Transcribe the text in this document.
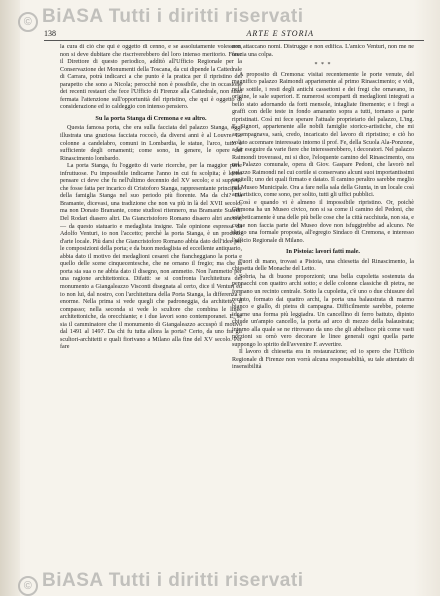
© BiASA Tutti i diritti riservati
138	ARTE E STORIA

la cura di ciò che qui è oggetto di cenno, e se assolutamente volessero, non si deve dubitare che riscriverebbero del loro intenso meritorio. Forse il Direttore di questo periodico, additò all'Ufficio Regionale per la Conservazione dei Monumenti della Toscana, da cui dipende la Cattedrale di Carrara, potrà indicarci a che punto è la pratica per il ripristino del parapetto che sono a Nicola; perocchè non è possibile, che in occasione dei recenti restauri che fece l'Ufficio di Firenze alla Cattedrale, non siasi fermata l'attenzione sull'opportunità del ripristino, che qui è oggetto di considerazione ed io caldeggio con intenso pensiero.

Su la porta Stanga di Cremona e su altro.

Questa famosa porta, che era sulla facciata del palazzo Stanga, oggi illustrata una graziosa facciata rococò, da diversi anni è al Louvre. Le colonne a candelabro, comuni in Lombardia, le statue, l'arco, tutto è sufficiente degli ornamenti; come sono, in genere, le opere del Rinascimento lombardo.

La porta Stanga, fu l'oggetto di varie ricerche, per la maggior parte infruttuose. Fu impossibile indicarne l'anno in cui fu scolpita; è lecito pensare ci deve che fu nell'ultimo decennio del XV secolo; e si suppose che fosse fatta per incarico di Cristoforo Stanga, rappresentante principale della famiglia Stanga nel suo periodo più fiorente. Ma da chi? Da Bramante, dicevasi, una tradizione che non va più in là del XVII secolo; ma non Donato Bramante, come studiosi ritennero, ma Bramante Suardi. Del Rodari diasero altri. Da Giancristoforo Romano disaero altri ancora; — da questo statuario e medaglista insigne. Tale opinione espressa da Adolfo Venturi, io non l'accetto; perchè la porta Stanga, è un prodotto d'arte locale. Più darsi che Giancristoforo Romano abbia dato dell'idee per le composizioni della porta; e da buon medaglista ed eccellente antiquario, abbia dato il motivo dei medaglioni cesarei che fiancheggiano la porta e quello delle scene cinquecentesche, che ne ornano il fregio; ma che la porta sia sua o ne abbia dato il disegno, non ammetto. Non l'ammetto per una ragione architettonica. Difatti: se si confronta l'architettura del monumento a Giangaleazzo Visconti disegnata al certo, dice il Venturi ed io non lui, dal nostro, con l'architettura della Porta Stanga, la differenza è enorme. Nella prima si vede quegli che padroneggia, da architetto, il compasso; nella seconda si vede lo scultore che combina le linee architettoniche, da orecchiante; e i due lavori sono contemporanei. E, se sia il camminatore che il monumento di Giangaleazzo accuspò il motivo dal 1491 al 1497. Da chi fu tutta allora la porta? Certo, da uno fra gli scultori-architetti e quali fiorivano a Milano alla fine del XV secolo. Per fare

non attaccano nomi. Distrugge e non edifica. L'amico Venturi, non me ne faccia una colpa.

* * *

A proposito di Cremona: visitai recentemente le porte venute, del magnifico palazzo Raimondi appartenente al primo Rinascimento; e vidi, nelle sottile, i resti degli antichi cassettoni e dei fregi che ornavano, in origine, le sale superiori. E numerosi scomparti di medaglioni integrati a bello stato adornando da forti mensole, intagliate finemente; e i fregi a graffi con delle teste in fondo amaranto sopra a tutti, tornano a parte ripristinati. Così mi fece sperare l'attuale proprietario del palazzo, L'ing. E. Signori, appartenente alle nobili famiglie storico-artistiche, che mi accompagnava, sarà, credo, incaricato del lavoro di ripristino; e ciò ho voluto accennare interessato intorno il prof. Fe, della Scuola Ala-Ponzone, a far eseguire da varie fiere che interesserebbero, i decoratori. Nel palazzo Raimondi troverassi, mi si dice, l'eloquente camino del Rinascimento, ora nel Palazzo comunale, opera di Giov. Gaspare Pedoni, che lavorò nel palazzo Raimondi nel cui cortile si conservano alcuni suoi importantissimi capitelli; uno dei quali firmato e datato. Il camino peraltro sarebbe meglio nel Museo Municipale. Ora a fare nella sala della Giunta, in un locale così antiartistico, come sono, per solito, tutti gli uffici pubblici.

Così e quando vi è almeno il impossibile ripristino. Or, poichè Cremona ha un Museo civico, non si sa come il camino del Pedoni, che sciabeticamente è una delle più belle cose che la città racchiuda, non sia, e come non faccia parte del Museo dove non isfuggirebbe ad alcuno. Ne dirigo una formale proposta, all'egregio Sindaco di Cremona, e interesso l'ufficio Regionale di Milano.

In Pistoia: lavori fatti male.

Fuori di mano, trovasi a Pistoia, una chiesetta del Rinascimento, la chiesetta delle Monache del Letto.

Sobria, ha di buone proporzioni; una bella cupoletta sostenuta da pennacchi con quattro archi sotto; e delle colonne classiche di pietra, ne formano un recinto centrale. Sotto la cupoletta, c'è uno o due chiusure del recinto, formato dai quattro archi, la porta una balaustrata di marmo bianco e giallo, di pietra di campagna. Difficilmente sarebbe, poterne idearne una forma più leggiadra. Un cancellino di ferro battuto, dipinto chiude un'ampio cancello, la porta ad arco di mezzo della balaustrata; intorno alla quale se ne ritrovano da uno che gli abbelisce più come vasti porzioni su ornò vero decorare le linee generali ogni quella parte suppongo lo spirito dell'avvenire F. avvertire.

Il lavoro di chiesetta era in restaurazione; ed io spero che l'Ufficio Regionale di Firenze non vorrà alcuna responsabilità, su tale attentato di insensibilità

© BiASA Tutti i diritti riservati
